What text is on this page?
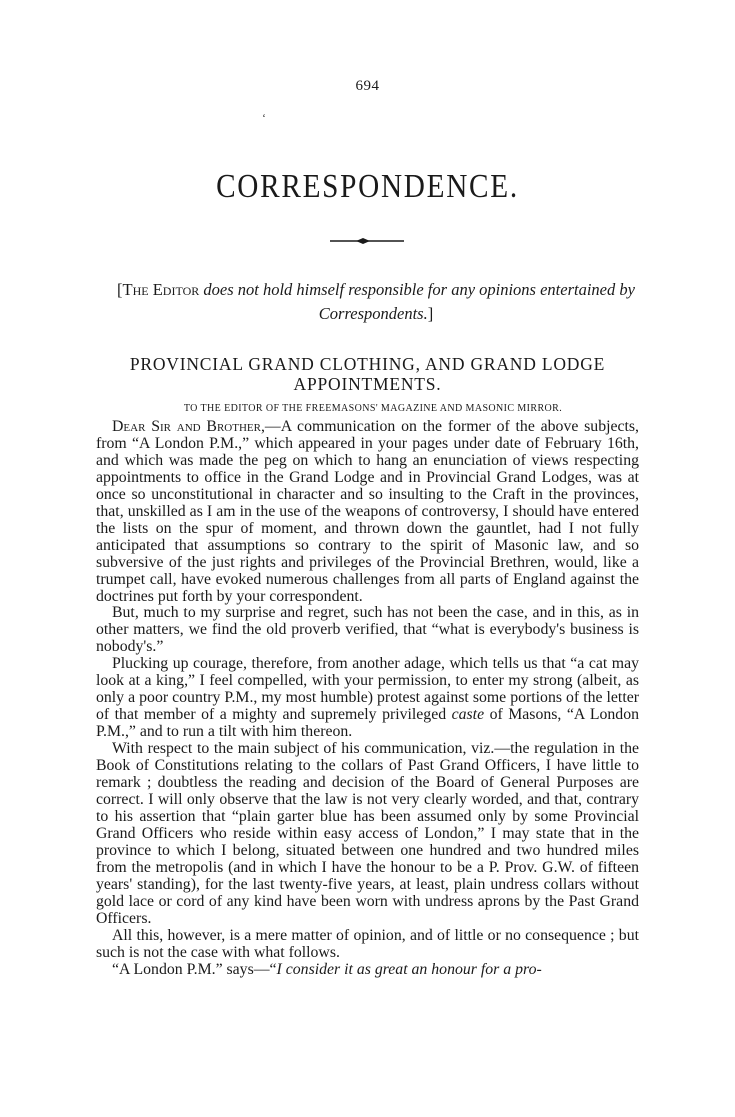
694
‘
CORRESPONDENCE.
[The Editor does not hold himself responsible for any opinions entertained by Correspondents.]
PROVINCIAL GRAND CLOTHING, AND GRAND LODGE APPOINTMENTS.
TO THE EDITOR OF THE FREEMASONS' MAGAZINE AND MASONIC MIRROR.

Dear Sir and Brother,—A communication on the former of the above subjects, from “A London P.M.,” which appeared in your pages under date of February 16th, and which was made the peg on which to hang an enunciation of views respecting appointments to office in the Grand Lodge and in Provincial Grand Lodges, was at once so unconstitutional in character and so insulting to the Craft in the provinces, that, unskilled as I am in the use of the weapons of controversy, I should have entered the lists on the spur of moment, and thrown down the gauntlet, had I not fully anticipated that assumptions so contrary to the spirit of Masonic law, and so subversive of the just rights and privileges of the Provincial Brethren, would, like a trumpet call, have evoked numerous challenges from all parts of England against the doctrines put forth by your correspondent.

But, much to my surprise and regret, such has not been the case, and in this, as in other matters, we find the old proverb verified, that “what is everybody's business is nobody's.”

Plucking up courage, therefore, from another adage, which tells us that “a cat may look at a king,” I feel compelled, with your permission, to enter my strong (albeit, as only a poor country P.M., my most humble) protest against some portions of the letter of that member of a mighty and supremely privileged caste of Masons, “A London P.M.,” and to run a tilt with him thereon.

With respect to the main subject of his communication, viz.—the regulation in the Book of Constitutions relating to the collars of Past Grand Officers, I have little to remark ; doubtless the reading and decision of the Board of General Purposes are correct. I will only observe that the law is not very clearly worded, and that, contrary to his assertion that “plain garter blue has been assumed only by some Provincial Grand Officers who reside within easy access of London,” I may state that in the province to which I belong, situated between one hundred and two hundred miles from the metropolis (and in which I have the honour to be a P. Prov. G.W. of fifteen years' standing), for the last twenty-five years, at least, plain undress collars without gold lace or cord of any kind have been worn with undress aprons by the Past Grand Officers.

All this, however, is a mere matter of opinion, and of little or no consequence ; but such is not the case with what follows.

“A London P.M.” says—“I consider it as great an honour for a pro-
